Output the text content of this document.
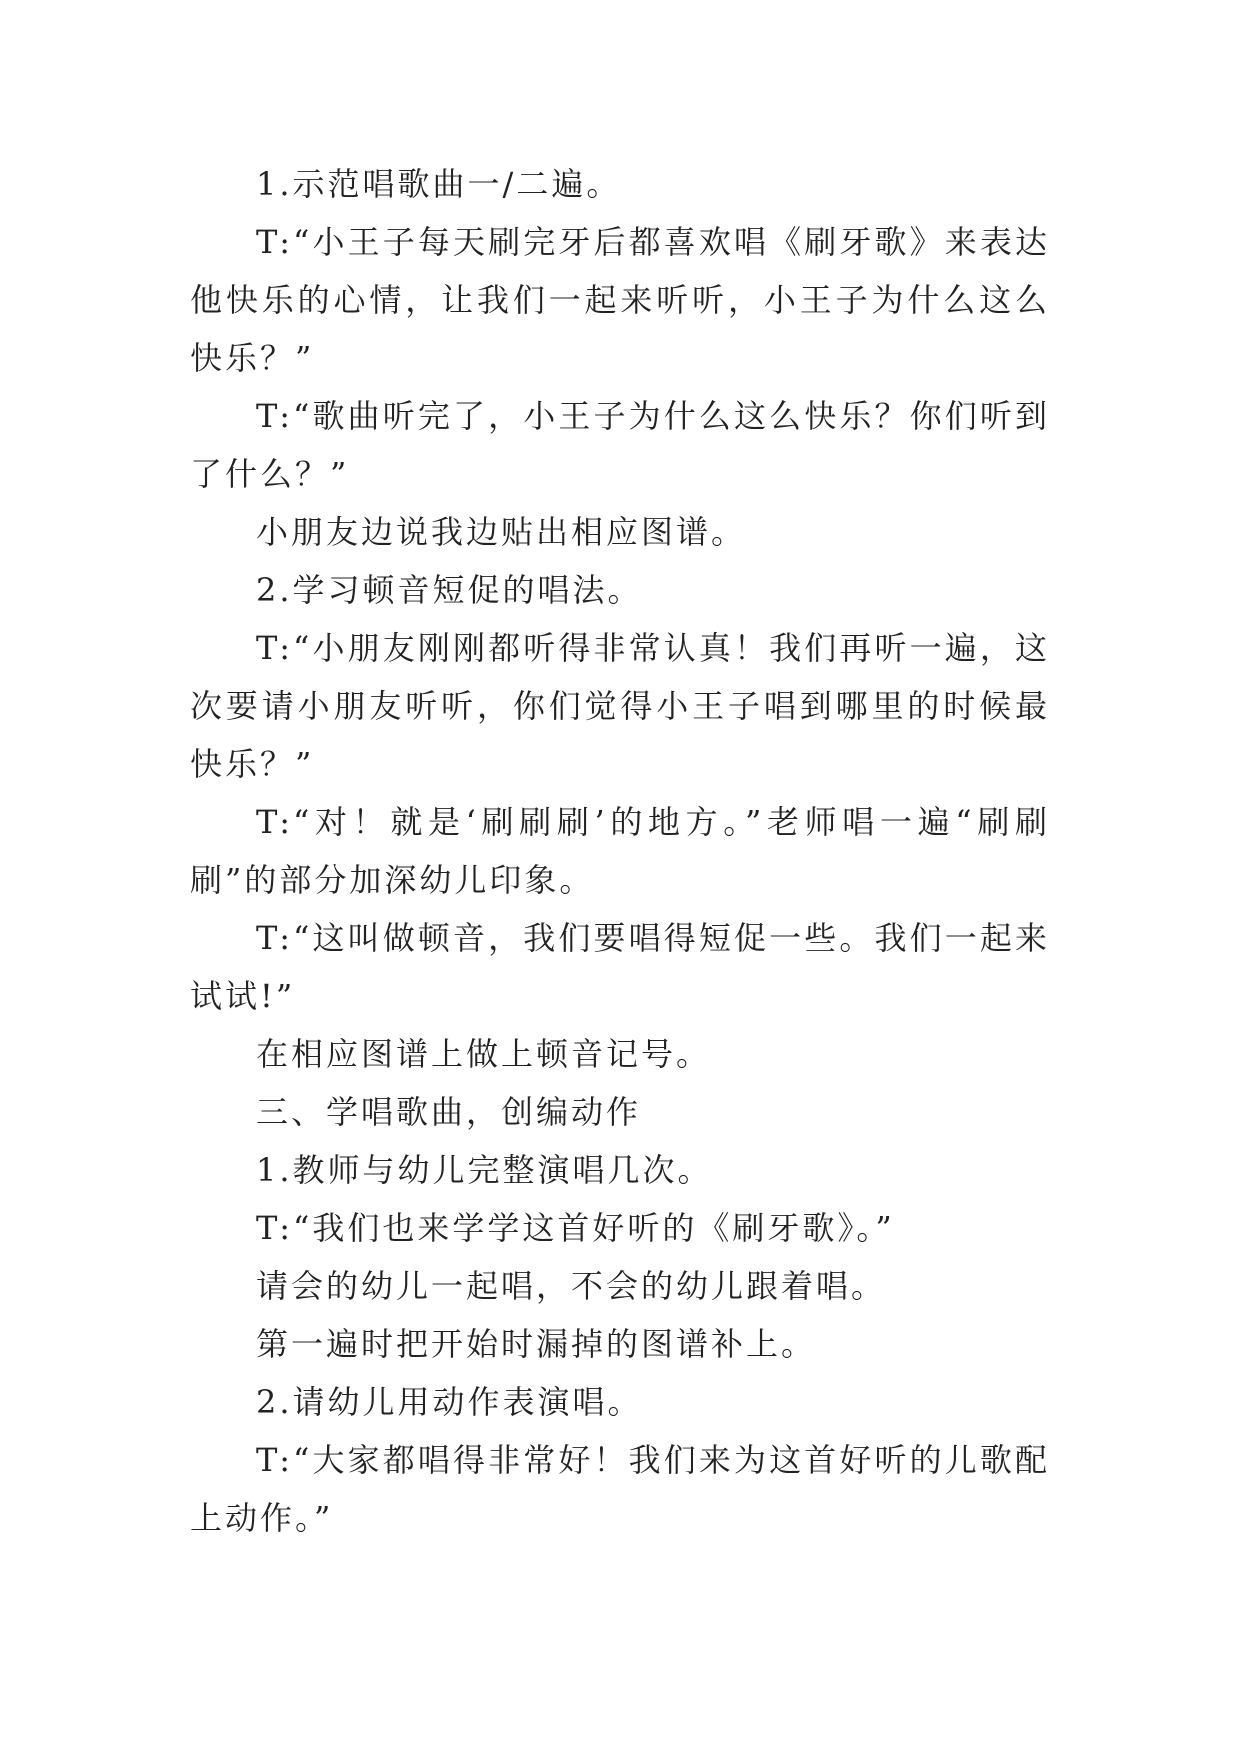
1.示范唱歌曲一/二遍。

T:“小王子每天刷完牙后都喜欢唱《刷牙歌》来表达他快乐的心情，让我们一起来听听，小王子为什么这么快乐？”

T:“歌曲听完了，小王子为什么这么快乐？你们听到了什么？”

小朋友边说我边贴出相应图谱。

2.学习顿音短促的唱法。

T:“小朋友刚刚都听得非常认真！我们再听一遍，这次要请小朋友听听，你们觉得小王子唱到哪里的时候最快乐？”

T:“对！就是‘刷刷刷’的地方。”老师唱一遍“刷刷刷”的部分加深幼儿印象。

T:“这叫做顿音，我们要唱得短促一些。我们一起来试试!”

在相应图谱上做上顿音记号。

三、学唱歌曲，创编动作

1.教师与幼儿完整演唱几次。

T:“我们也来学学这首好听的《刷牙歌》。”

请会的幼儿一起唱，不会的幼儿跟着唱。

第一遍时把开始时漏掉的图谱补上。

2.请幼儿用动作表演唱。

T:“大家都唱得非常好！我们来为这首好听的儿歌配上动作。”
